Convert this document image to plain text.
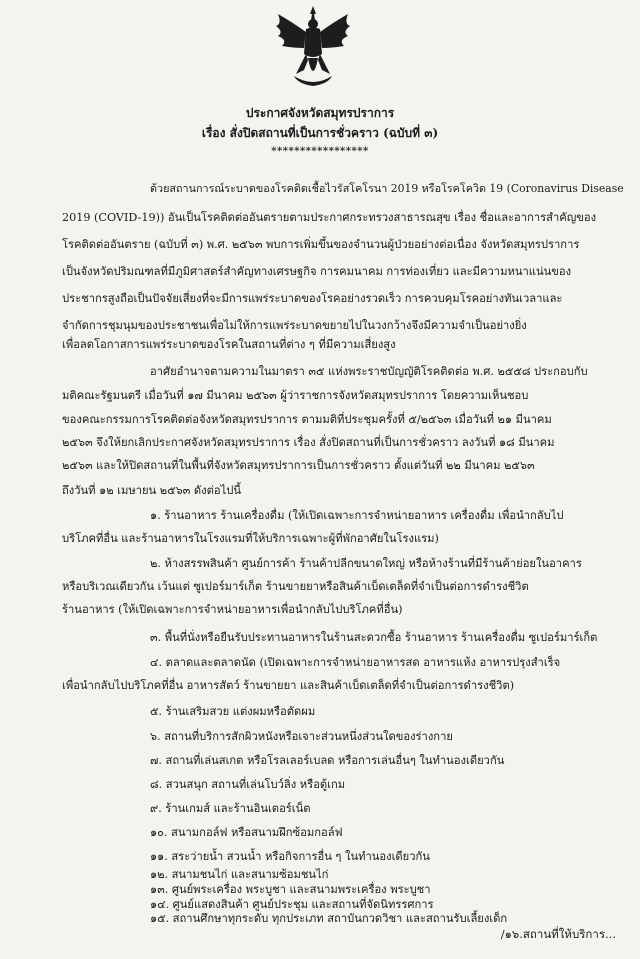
ประกาศจังหวัดสมุทรปราการ
เรื่อง สั่งปิดสถานที่เป็นการชั่วคราว (ฉบับที่ ๓)
*****************
ด้วยสถานการณ์ระบาดของโรคติดเชื้อไวรัสโคโรนา 2019 หรือโรคโควิด 19 (Coronavirus Disease
2019 (COVID-19)) อันเป็นโรคติดต่ออันตรายตามประกาศกระทรวงสาธารณสุข เรื่อง ชื่อและอาการสำคัญของ
โรคติดต่ออันตราย (ฉบับที่ ๓) พ.ศ. ๒๕๖๓ พบการเพิ่มขึ้นของจำนวนผู้ป่วยอย่างต่อเนื่อง จังหวัดสมุทรปราการ
เป็นจังหวัดปริมณฑลที่มีภูมิศาสตร์สำคัญทางเศรษฐกิจ การคมนาคม การท่องเที่ยว และมีความหนาแน่นของ
ประชากรสูงถือเป็นปัจจัยเสี่ยงที่จะมีการแพร่ระบาดของโรคอย่างรวดเร็ว การควบคุมโรคอย่างทันเวลาและ
จำกัดการชุมนุมของประชาชนเพื่อไม่ให้การแพร่ระบาดขยายไปในวงกว้างจึงมีความจำเป็นอย่างยิ่ง
เพื่อลดโอกาสการแพร่ระบาดของโรคในสถานที่ต่าง ๆ ที่มีความเสี่ยงสูง
อาศัยอำนาจตามความในมาตรา ๓๕ แห่งพระราชบัญญัติโรคติดต่อ พ.ศ. ๒๕๕๘ ประกอบกับ
มติคณะรัฐมนตรี เมื่อวันที่ ๑๗ มีนาคม ๒๕๖๓ ผู้ว่าราชการจังหวัดสมุทรปราการ โดยความเห็นชอบ
ของคณะกรรมการโรคติดต่อจังหวัดสมุทรปราการ ตามมติที่ประชุมครั้งที่ ๕/๒๕๖๓ เมื่อวันที่ ๒๑ มีนาคม
๒๕๖๓ จึงให้ยกเลิกประกาศจังหวัดสมุทรปราการ เรื่อง สั่งปิดสถานที่เป็นการชั่วคราว ลงวันที่ ๑๘ มีนาคม
๒๕๖๓ และให้ปิดสถานที่ในพื้นที่จังหวัดสมุทรปราการเป็นการชั่วคราว ตั้งแต่วันที่ ๒๒ มีนาคม ๒๕๖๓
ถึงวันที่ ๑๒ เมษายน ๒๕๖๓ ดังต่อไปนี้
๑. ร้านอาหาร ร้านเครื่องดื่ม (ให้เปิดเฉพาะการจำหน่ายอาหาร เครื่องดื่ม เพื่อนำกลับไป
บริโภคที่อื่น และร้านอาหารในโรงแรมที่ให้บริการเฉพาะผู้ที่พักอาศัยในโรงแรม)
๒. ห้างสรรพสินค้า ศูนย์การค้า ร้านค้าปลีกขนาดใหญ่ หรือห้างร้านที่มีร้านค้าย่อยในอาคาร
หรือบริเวณเดียวกัน เว้นแต่ ซูเปอร์มาร์เก็ต ร้านขายยาหรือสินค้าเบ็ดเตล็ดที่จำเป็นต่อการดำรงชีวิต
ร้านอาหาร (ให้เปิดเฉพาะการจำหน่ายอาหารเพื่อนำกลับไปบริโภคที่อื่น)
๓. พื้นที่นั่งหรือยืนรับประทานอาหารในร้านสะดวกซื้อ ร้านอาหาร ร้านเครื่องดื่ม ซูเปอร์มาร์เก็ต
๔. ตลาดและตลาดนัด (เปิดเฉพาะการจำหน่ายอาหารสด อาหารแห้ง อาหารปรุงสำเร็จ
เพื่อนำกลับไปบริโภคที่อื่น อาหารสัตว์ ร้านขายยา และสินค้าเบ็ดเตล็ดที่จำเป็นต่อการดำรงชีวิต)
๕. ร้านเสริมสวย แต่งผมหรือตัดผม
๖. สถานที่บริการสักผิวหนังหรือเจาะส่วนหนึ่งส่วนใดของร่างกาย
๗. สถานที่เล่นสเกต หรือโรลเลอร์เบลด หรือการเล่นอื่นๆ ในทำนองเดียวกัน
๘. สวนสนุก สถานที่เล่นโบว์ลิ่ง หรือตู้เกม
๙. ร้านเกมส์ และร้านอินเตอร์เน็ต
๑๐. สนามกอล์ฟ หรือสนามฝึกซ้อมกอล์ฟ
๑๑. สระว่ายน้ำ สวนน้ำ หรือกิจการอื่น ๆ ในทำนองเดียวกัน
๑๒. สนามชนไก่ และสนามซ้อมชนไก่
๑๓. ศูนย์พระเครื่อง พระบูชา และสนามพระเครื่อง พระบูชา
๑๔. ศูนย์แสดงสินค้า ศูนย์ประชุม และสถานที่จัดนิทรรศการ
๑๕. สถานศึกษาทุกระดับ ทุกประเภท สถาบันกวดวิชา และสถานรับเลี้ยงเด็ก
/๑๖.สถานที่ให้บริการ...
